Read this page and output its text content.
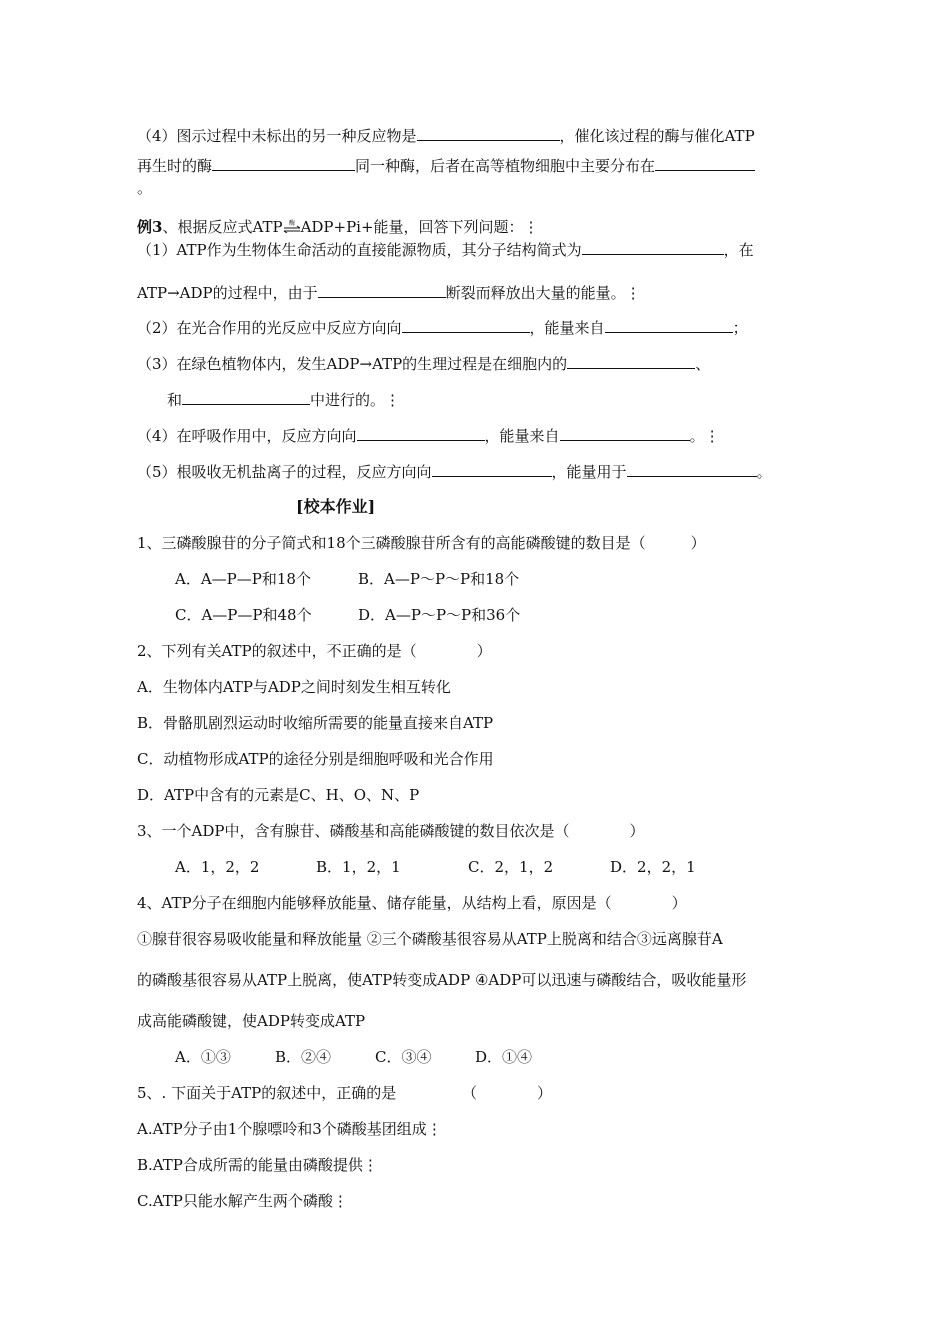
（4）图示过程中未标出的另一种反应物是	，催化该过程的酶与催化ATP
再生时的酶	同一种酶，后者在高等植物细胞中主要分布在
。
例3、根据反应式ATP 酶 ADP+Pi+能量，回答下列问题：⋮
（1）ATP作为生物体生命活动的直接能源物质，其分子结构简式为	，在
ATP→ADP的过程中，由于	断裂而释放出大量的能量。⋮
（2）在光合作用的光反应中反应方向向	，能量来自	；
（3）在绿色植物体内，发生ADP→ATP的生理过程是在细胞内的	、
和	中进行的。⋮
（4）在呼吸作用中，反应方向向	，能量来自	。⋮
（5）根吸收无机盐离子的过程，反应方向向	，能量用于	。
[校本作业]
1、三磷酸腺苷的分子简式和18个三磷酸腺苷所含有的高能磷酸键的数目是（　　　）
A．A—P—P和18个	B．A—P～P～P和18个
C．A—P—P和48个	D．A—P～P～P和36个
2、下列有关ATP的叙述中，不正确的是（　　　　）
A．生物体内ATP与ADP之间时刻发生相互转化
B．骨骼肌剧烈运动时收缩所需要的能量直接来自ATP
C．动植物形成ATP的途径分别是细胞呼吸和光合作用
D．ATP中含有的元素是C、H、O、N、P
3、一个ADP中，含有腺苷、磷酸基和高能磷酸键的数目依次是（　　　　）
A．1，2，2	B．1，2，1	C．2，1，2	D．2，2，1
4、ATP分子在细胞内能够释放能量、储存能量，从结构上看，原因是（　　　　）
①腺苷很容易吸收能量和释放能量 ②三个磷酸基很容易从ATP上脱离和结合③远离腺苷A
的磷酸基很容易从ATP上脱离，使ATP转变成ADP ④ADP可以迅速与磷酸结合，吸收能量形
成高能磷酸键，使ADP转变成ATP
A．①③	B．②④	C．③④	D．①④
5、. 下面关于ATP的叙述中，正确的是	（　　　　）
A.ATP分子由1个腺嘌呤和3个磷酸基团组成⋮
B.ATP合成所需的能量由磷酸提供⋮
C.ATP只能水解产生两个磷酸⋮
